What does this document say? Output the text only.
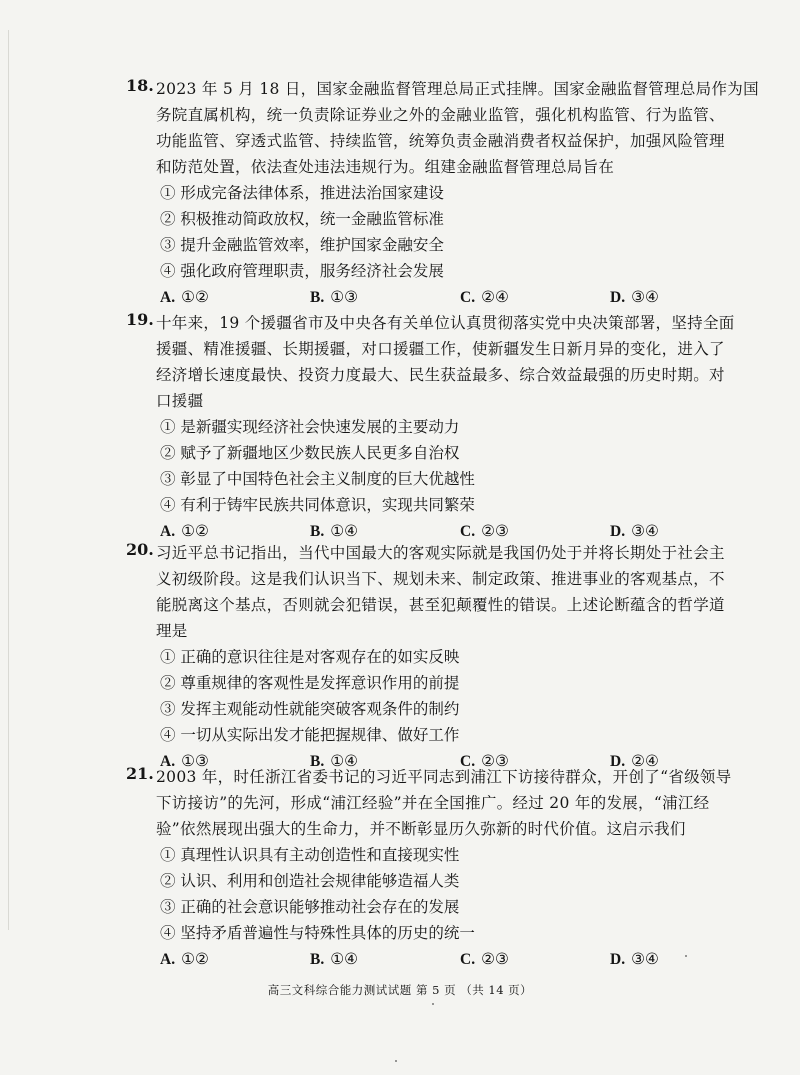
18. 2023 年 5 月 18 日，国家金融监督管理总局正式挂牌。国家金融监督管理总局作为国
务院直属机构，统一负责除证券业之外的金融业监管，强化机构监管、行为监管、
功能监管、穿透式监管、持续监管，统筹负责金融消费者权益保护，加强风险管理
和防范处置，依法查处违法违规行为。组建金融监督管理总局旨在
① 形成完备法律体系，推进法治国家建设
② 积极推动简政放权，统一金融监管标准
③ 提升金融监管效率，维护国家金融安全
④ 强化政府管理职责，服务经济社会发展
A. ①②	B. ①③	C. ②④	D. ③④
19. 十年来，19 个援疆省市及中央各有关单位认真贯彻落实党中央决策部署，坚持全面
援疆、精准援疆、长期援疆，对口援疆工作，使新疆发生日新月异的变化，进入了
经济增长速度最快、投资力度最大、民生获益最多、综合效益最强的历史时期。对
口援疆
① 是新疆实现经济社会快速发展的主要动力
② 赋予了新疆地区少数民族人民更多自治权
③ 彰显了中国特色社会主义制度的巨大优越性
④ 有利于铸牢民族共同体意识，实现共同繁荣
A. ①②	B. ①④	C. ②③	D. ③④
20. 习近平总书记指出，当代中国最大的客观实际就是我国仍处于并将长期处于社会主
义初级阶段。这是我们认识当下、规划未来、制定政策、推进事业的客观基点，不
能脱离这个基点，否则就会犯错误，甚至犯颠覆性的错误。上述论断蕴含的哲学道
理是
① 正确的意识往往是对客观存在的如实反映
② 尊重规律的客观性是发挥意识作用的前提
③ 发挥主观能动性就能突破客观条件的制约
④ 一切从实际出发才能把握规律、做好工作
A. ①③	B. ①④	C. ②③	D. ②④
21. 2003 年，时任浙江省委书记的习近平同志到浦江下访接待群众，开创了“省级领导
下访接访”的先河，形成“浦江经验”并在全国推广。经过 20 年的发展，“浦江经
验”依然展现出强大的生命力，并不断彰显历久弥新的时代价值。这启示我们
① 真理性认识具有主动创造性和直接现实性
② 认识、利用和创造社会规律能够造福人类
③ 正确的社会意识能够推动社会存在的发展
④ 坚持矛盾普遍性与特殊性具体的历史的统一
A. ①②	B. ①④	C. ②③	D. ③④
高三文科综合能力测试试题 第 5 页 （共 14 页）
